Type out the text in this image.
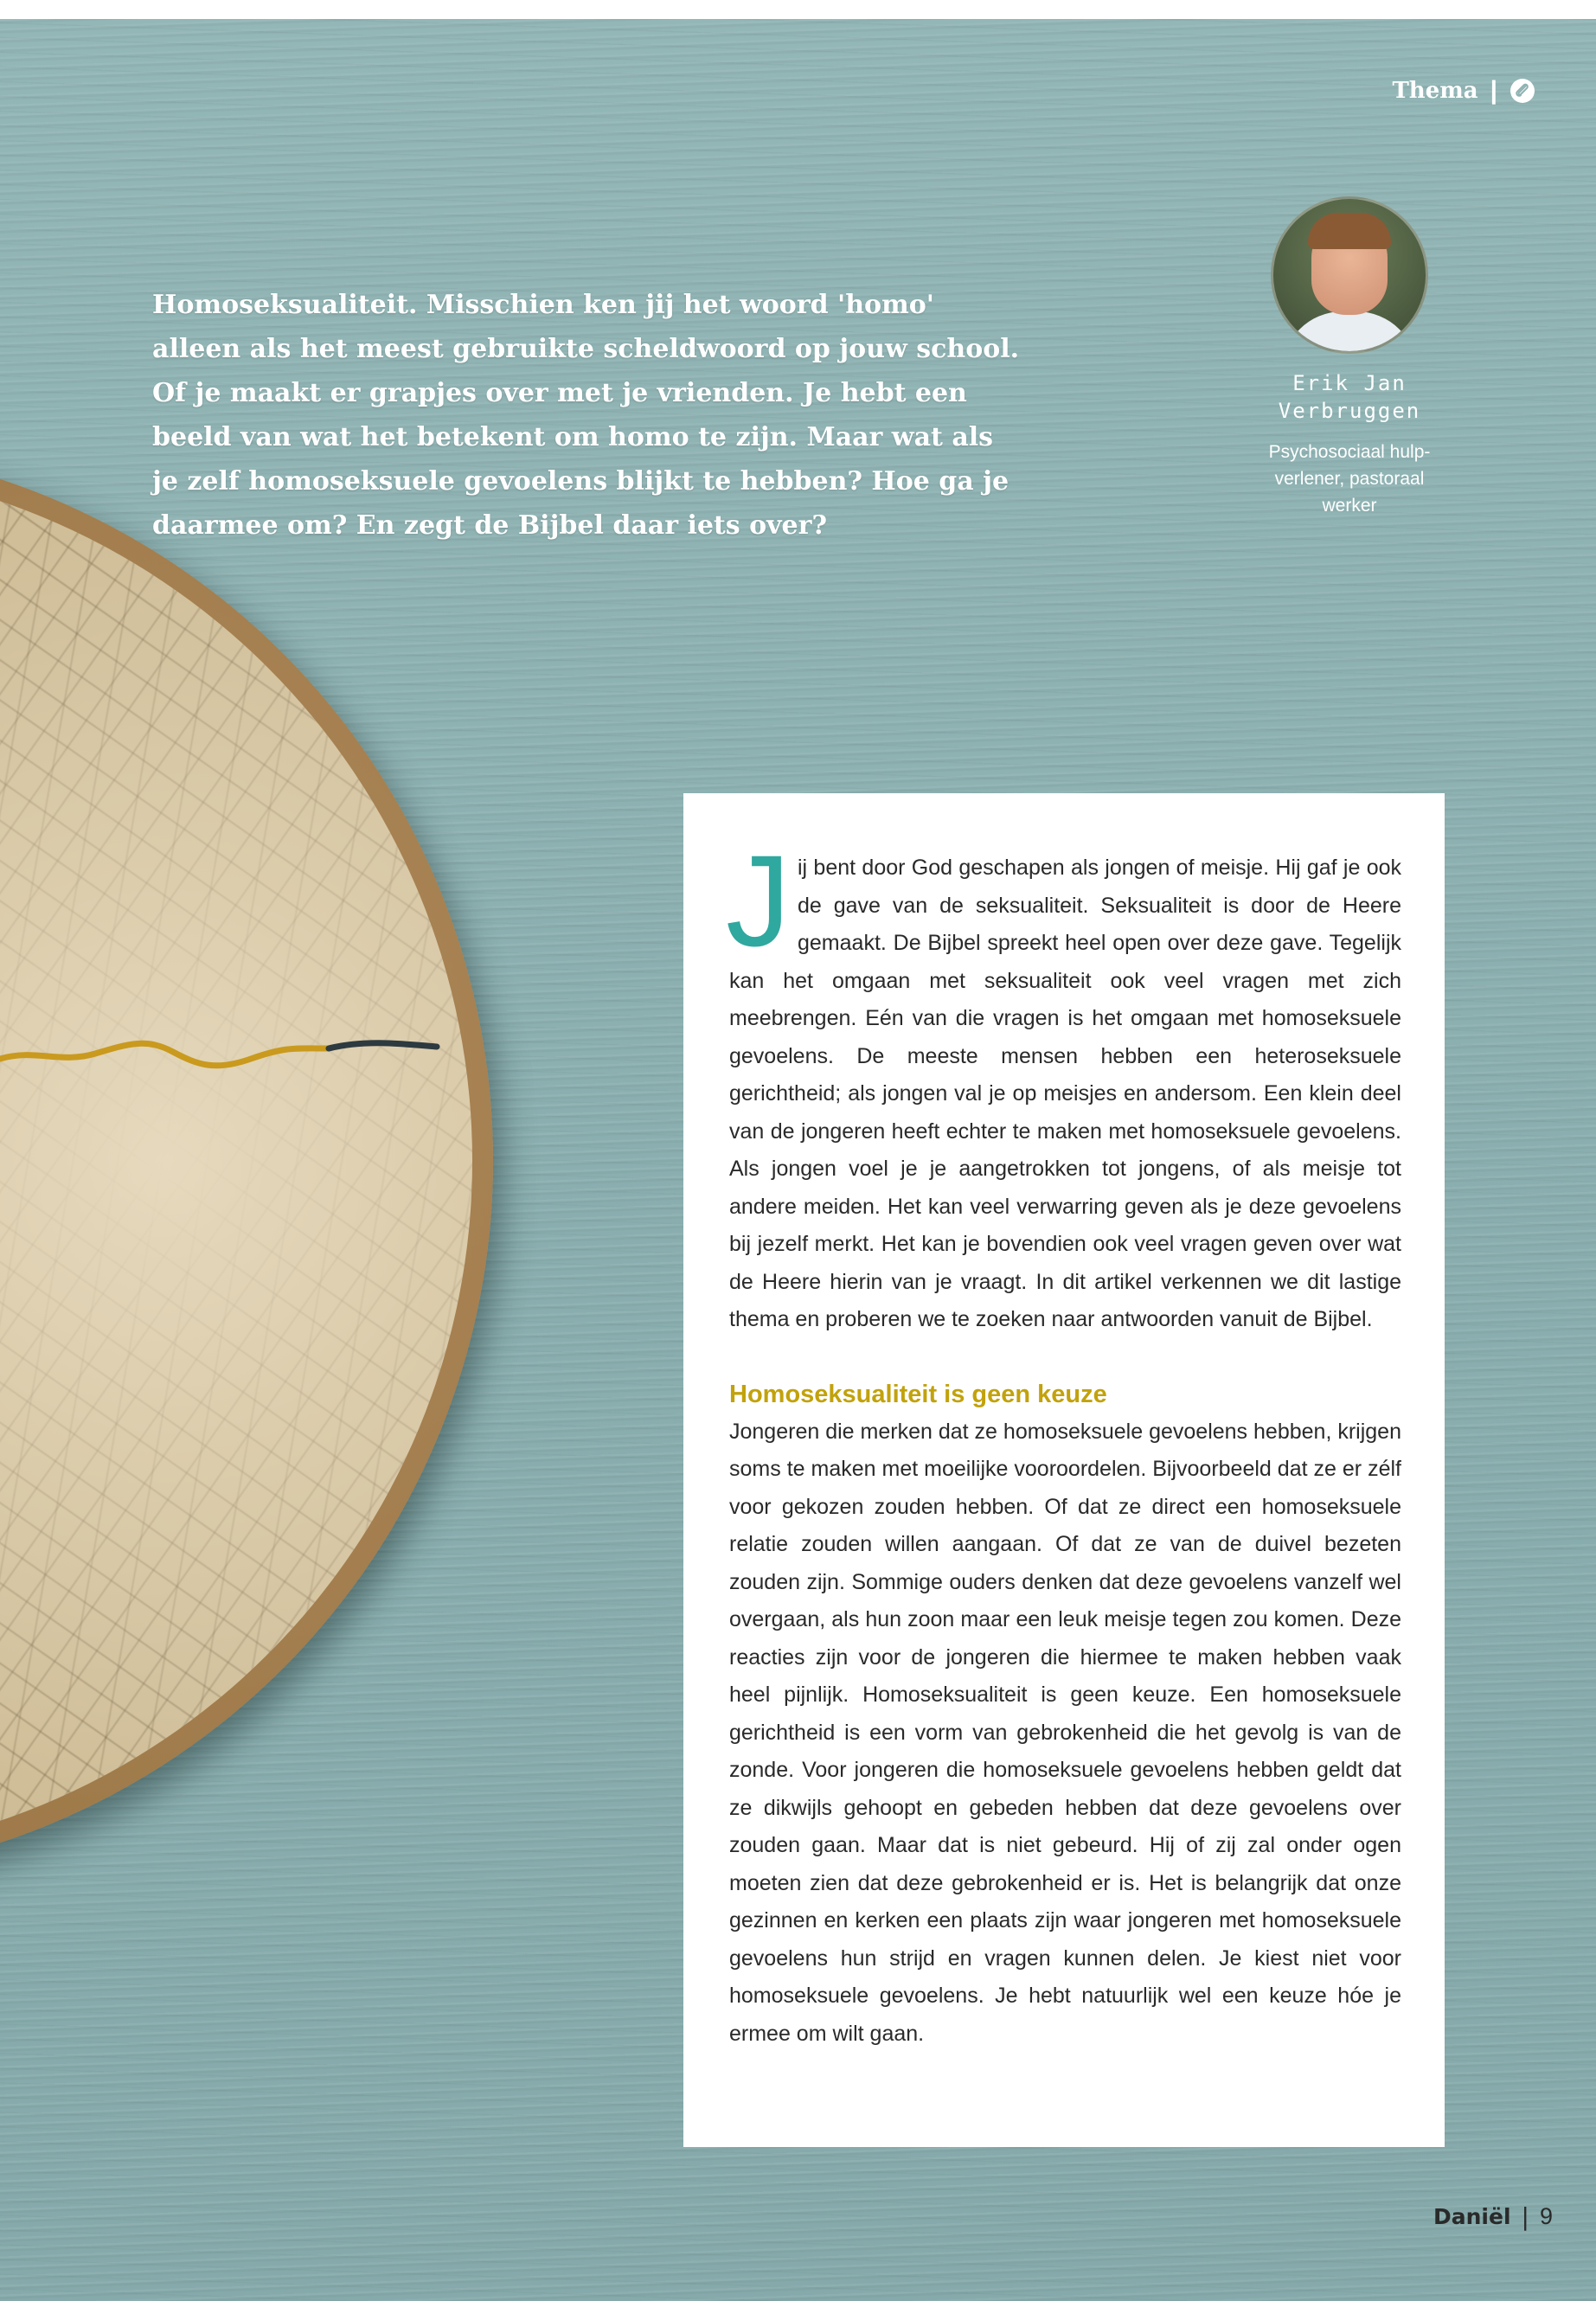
Thema |

Homoseksualiteit. Misschien ken jij het woord 'homo' alleen als het meest gebruikte scheldwoord op jouw school. Of je maakt er grapjes over met je vrienden. Je hebt een beeld van wat het betekent om homo te zijn. Maar wat als je zelf homoseksuele gevoelens blijkt te hebben? Hoe ga je daarmee om? En zegt de Bijbel daar iets over?

Erik Jan Verbruggen
Psychosociaal hulpverlener, pastoraal werker

Jij bent door God geschapen als jongen of meisje. Hij gaf je ook de gave van de seksualiteit. Seksualiteit is door de Heere gemaakt. De Bijbel spreekt heel open over deze gave. Tegelijk kan het omgaan met seksualiteit ook veel vragen met zich meebrengen. Eén van die vragen is het omgaan met homoseksuele gevoelens. De meeste mensen hebben een heteroseksuele gerichtheid; als jongen val je op meisjes en andersom. Een klein deel van de jongeren heeft echter te maken met homoseksuele gevoelens. Als jongen voel je je aangetrokken tot jongens, of als meisje tot andere meiden. Het kan veel verwarring geven als je deze gevoelens bij jezelf merkt. Het kan je bovendien ook veel vragen geven over wat de Heere hierin van je vraagt. In dit artikel verkennen we dit lastige thema en proberen we te zoeken naar antwoorden vanuit de Bijbel.

Homoseksualiteit is geen keuze

Jongeren die merken dat ze homoseksuele gevoelens hebben, krijgen soms te maken met moeilijke vooroordelen. Bijvoorbeeld dat ze er zélf voor gekozen zouden hebben. Of dat ze direct een homoseksuele relatie zouden willen aangaan. Of dat ze van de duivel bezeten zouden zijn. Sommige ouders denken dat deze gevoelens vanzelf wel overgaan, als hun zoon maar een leuk meisje tegen zou komen. Deze reacties zijn voor de jongeren die hiermee te maken hebben vaak heel pijnlijk. Homoseksualiteit is geen keuze. Een homoseksuele gerichtheid is een vorm van gebrokenheid die het gevolg is van de zonde. Voor jongeren die homoseksuele gevoelens hebben geldt dat ze dikwijls gehoopt en gebeden hebben dat deze gevoelens over zouden gaan. Maar dat is niet gebeurd. Hij of zij zal onder ogen moeten zien dat deze gebrokenheid er is. Het is belangrijk dat onze gezinnen en kerken een plaats zijn waar jongeren met homoseksuele gevoelens hun strijd en vragen kunnen delen. Je kiest niet voor homoseksuele gevoelens. Je hebt natuurlijk wel een keuze hóe je ermee om wilt gaan.

Daniël | 9
